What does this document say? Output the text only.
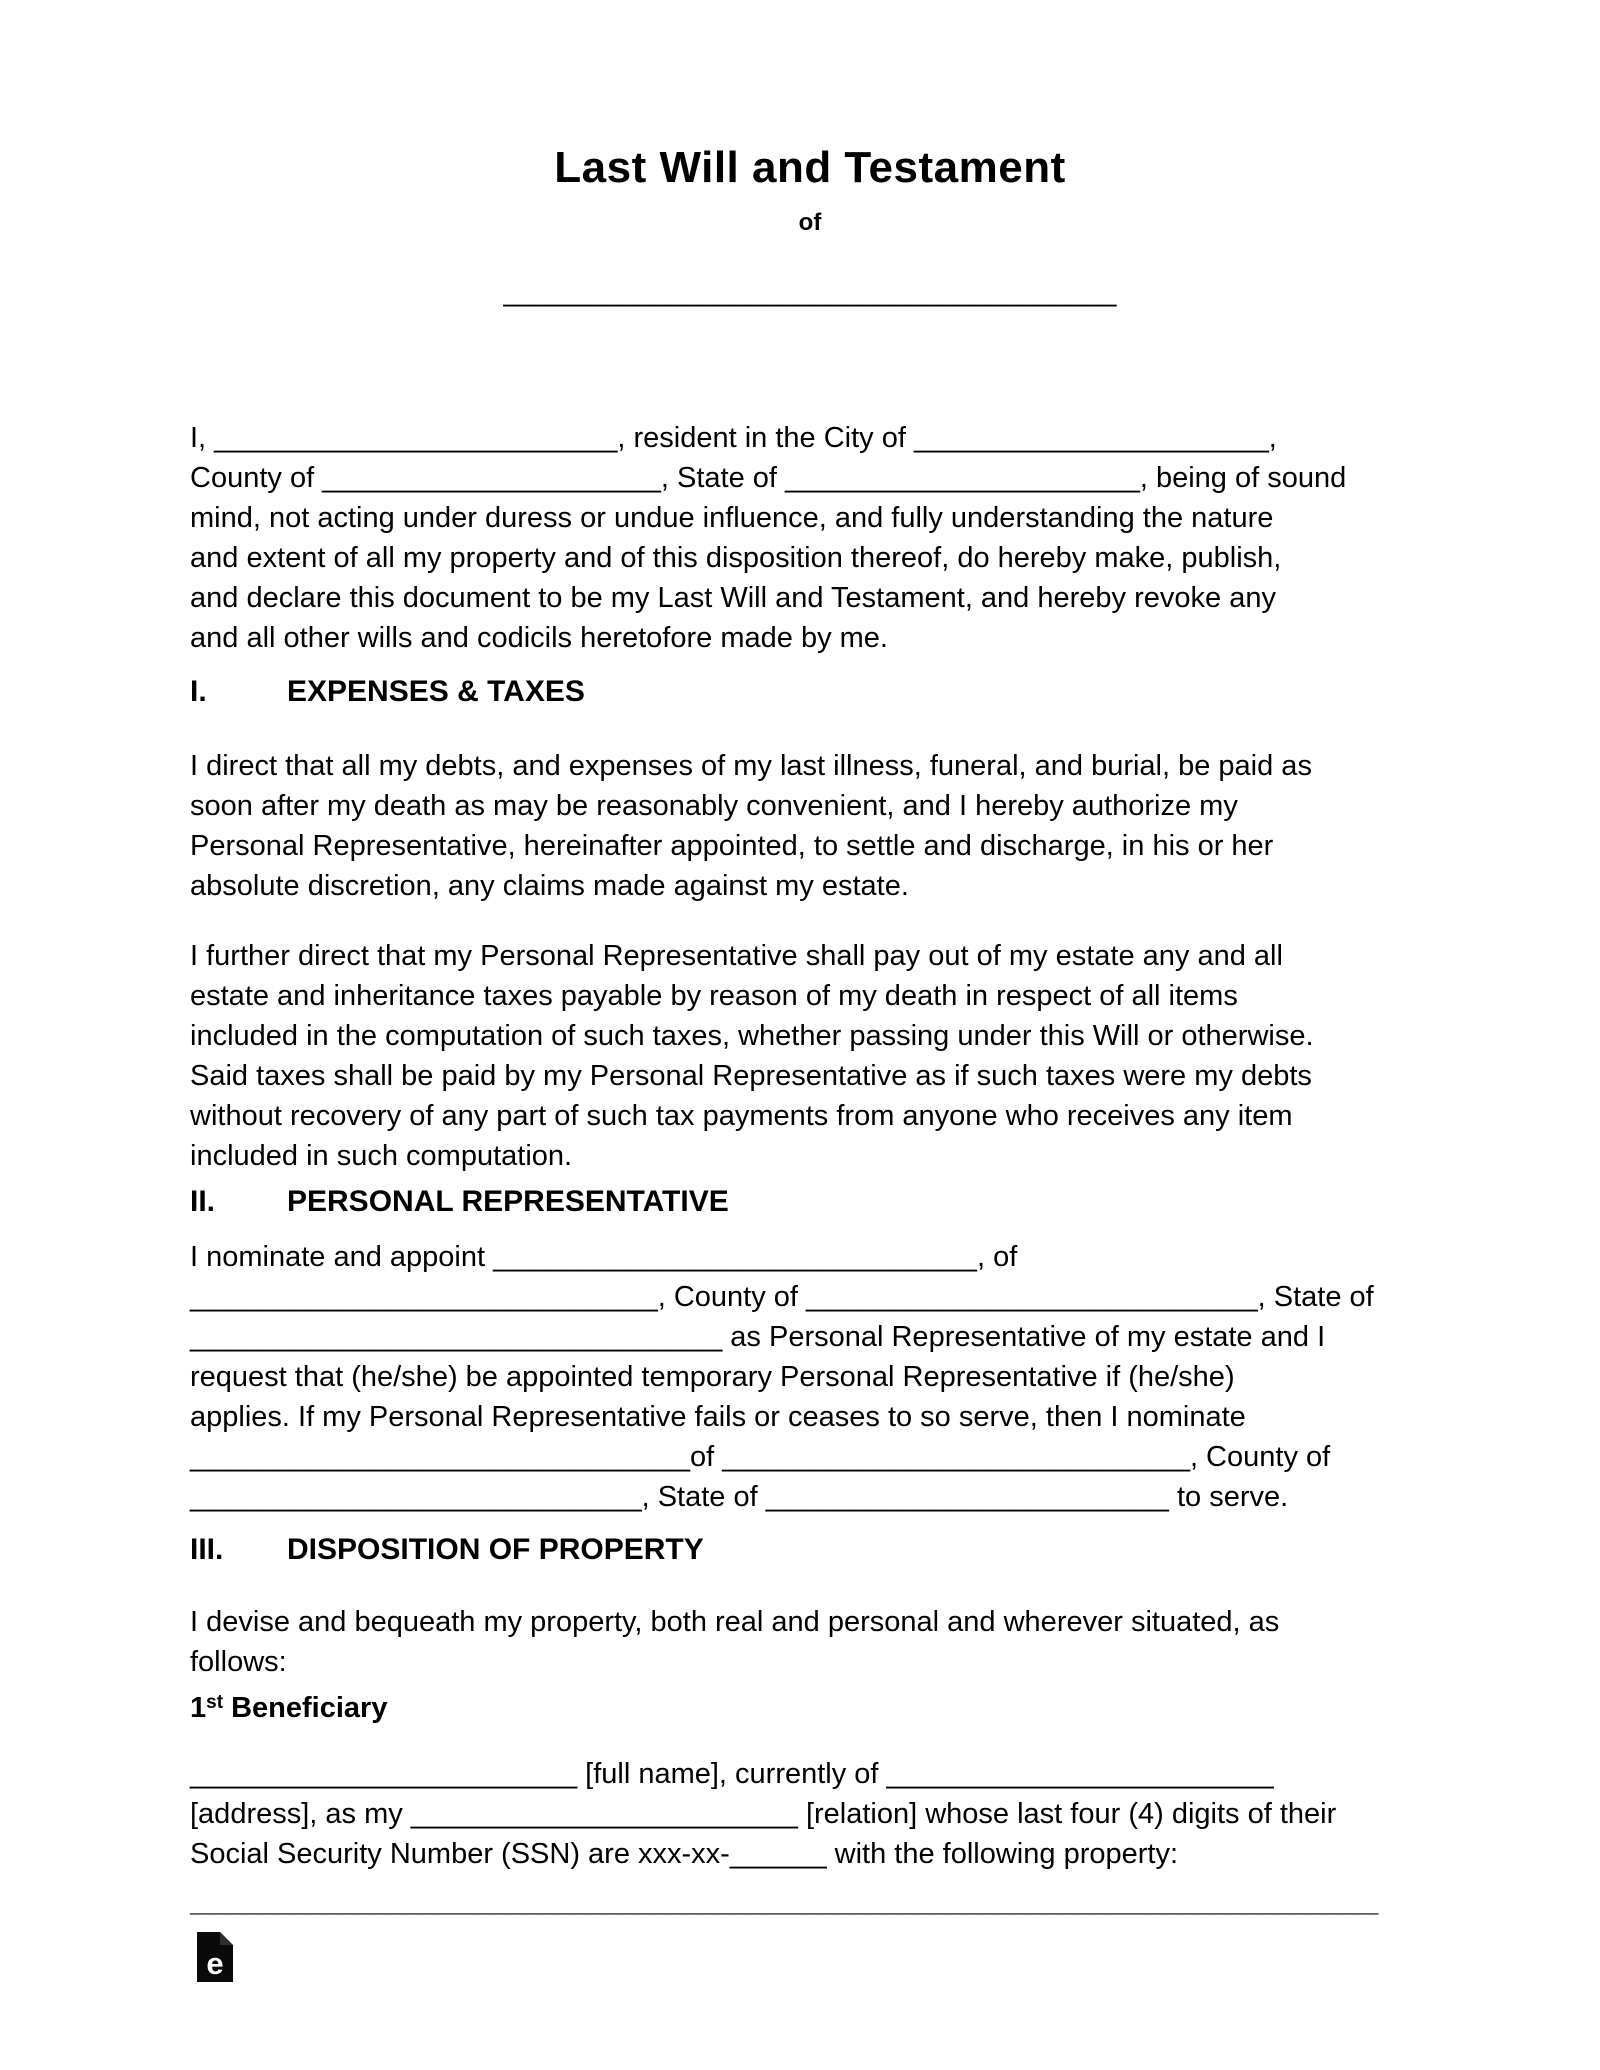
Last Will and Testament
of
______________________________________
I, _________________________, resident in the City of ______________________,
County of _____________________, State of ______________________, being of sound
mind, not acting under duress or undue influence, and fully understanding the nature
and extent of all my property and of this disposition thereof, do hereby make, publish,
and declare this document to be my Last Will and Testament, and hereby revoke any
and all other wills and codicils heretofore made by me.
I.	EXPENSES & TAXES
I direct that all my debts, and expenses of my last illness, funeral, and burial, be paid as
soon after my death as may be reasonably convenient, and I hereby authorize my
Personal Representative, hereinafter appointed, to settle and discharge, in his or her
absolute discretion, any claims made against my estate.
I further direct that my Personal Representative shall pay out of my estate any and all
estate and inheritance taxes payable by reason of my death in respect of all items
included in the computation of such taxes, whether passing under this Will or otherwise.
Said taxes shall be paid by my Personal Representative as if such taxes were my debts
without recovery of any part of such tax payments from anyone who receives any item
included in such computation.
II.	PERSONAL REPRESENTATIVE
I nominate and appoint ______________________________, of
_____________________________, County of ____________________________, State of
_________________________________ as Personal Representative of my estate and I
request that (he/she) be appointed temporary Personal Representative if (he/she)
applies. If my Personal Representative fails or ceases to so serve, then I nominate
_______________________________of _____________________________, County of
____________________________, State of _________________________ to serve.
III.	DISPOSITION OF PROPERTY
I devise and bequeath my property, both real and personal and wherever situated, as
follows:
1st Beneficiary
________________________ [full name], currently of ________________________
[address], as my ________________________ [relation] whose last four (4) digits of their
Social Security Number (SSN) are xxx-xx-______ with the following property:
____________________________________________________________________________
e
